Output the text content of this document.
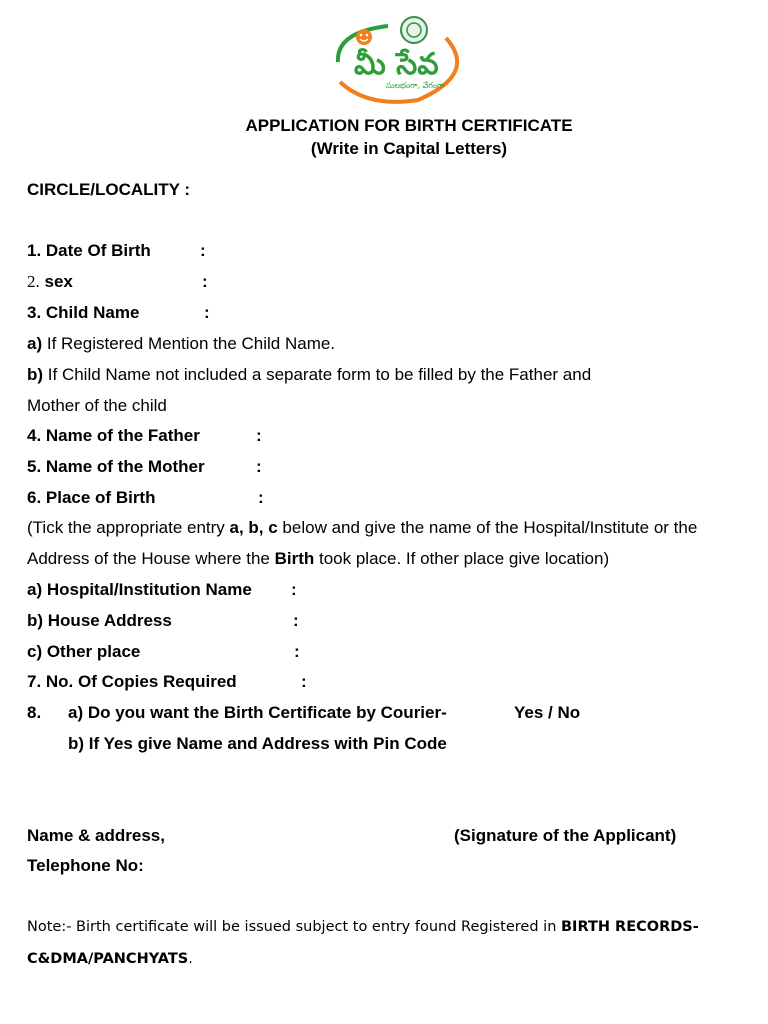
మీ సేవ
సులభంగా, వేగంగా
APPLICATION FOR BIRTH CERTIFICATE
(Write in Capital Letters)
CIRCLE/LOCALITY :
1. Date Of Birth	:
2. sex	:
3. Child Name	:
a) If Registered Mention the Child Name.
b) If Child Name not included a separate form to be filled by the Father and
Mother of the child
4. Name of the Father	:
5. Name of the Mother	:
6. Place of Birth	:
(Tick the appropriate entry a, b, c below and give the name of the Hospital/Institute or the
Address of the House where the Birth took place. If other place give location)
a) Hospital/Institution Name :
b) House Address	:
c) Other place	:
7. No. Of Copies Required	:
8. a) Do you want the Birth Certificate by Courier-	Yes / No
b) If Yes give Name and Address with Pin Code
Name & address,	(Signature of the Applicant)
Telephone No:
Note:- Birth certificate will be issued subject to entry found Registered in BIRTH RECORDS-
C&DMA/PANCHYATS.
